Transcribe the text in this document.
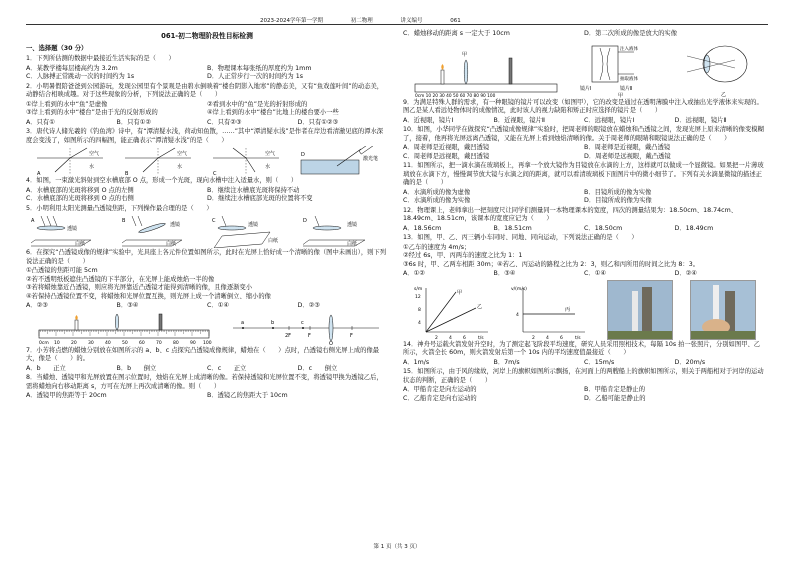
2023-2024学年第一学期	初二物理	讲义编号	061
061-初二物理阶段性目标检测
一、选择题（30 分）
1．下列所估测的数据中最接近生活实际的是（　　）
A．某教学楼每层楼高约为 3.2m	B．物理课本每张纸的厚度约为 1mm
C．人脉搏正常跳动一次的时间约为 1s	D．人正常步行一次的时间约为 1s
2．小明暑假陪爸爸到公园游玩，发现公园里有个景观是由碧水倒映着“楼台阴影入地寒”的静态美，又有“鱼戏莲叶间”的动态美，动静结合相映成趣。对于这些现象的分析，下列说法正确的是（　　）
①岸上看到的水中“鱼”是虚像	②看到水中的“鱼”是光的折射形成的
③岸上看到的水中“楼台”是由于光的反射形成的	④岸上看到的水中“楼台”比地上的楼台要小一些
A．只有①	B．只有①②	C．只有②③	D．只有①②③
3．唐代诗人储光羲的《钓鱼湾》诗中，有“潭清疑水浅，荷动知鱼散，……”其中“潭清疑水浅”是作者在岸边看清澈见底的潭水深度会变浅了，如图所示的四幅图，能正确表示“潭清疑水浅”的是（　　）
空气
水
A
空气
水
B
空气
水
C
激光笔
D
4．如图，一束激光斜射到空水槽底部 O 点，形成一个光斑，现向水槽中注入适量水，则（　　）
A．水槽底部的光斑将移到 O 点的左侧	B．继续注水槽底光斑将保持不动
C．水槽底部的光斑将移到 O 点的右侧	D．继续注水槽底部光斑的位置将不变
5．小明利用太阳光测量凸透镜焦距，下列操作最合理的是（　　）
透镜
白纸
A
透镜
白纸
B
透镜
白纸
C
透镜
白纸
D
6．在探究“凸透镜成像的规律”实验中，光具座上各元件位置如图所示，此时在光屏上恰好成一个清晰的像（图中未画出），则下列说法正确的是（　　）
①凸透镜的焦距可能 5cm
②若不透明纸板遮住凸透镜的下半部分，在光屏上能成烛焰一半的像
③若将蜡烛靠近凸透镜，则应将光屏靠近凸透镜才能得到清晰的像，且像逐渐变小
④若保持凸透镜位置不变，将蜡烛和光屏位置互换，则光屏上成一个清晰倒立、缩小的像
A．②③	B．③④	C．①④	D．②③
0cm 10	20	30	40	50	60	70	80	90 100
a	b
2F
c
F
O
F
7．小芳将点燃的蜡烛分别放在如图所示的 a、b、c 点探究凸透镜成像规律，蜡烛在（　　）点时，凸透镜右侧光屏上成的像最大，像是（　　）的。
A．b　　正立	B．b　　倒立	C．c　　正立	D．c　　倒立
8．当蜡烛、透镜甲和光屏放置在图示位置时，烛焰在光屏上成清晰的像。若保持透镜和光屏位置不变，将透镜甲换为透镜乙后，需将蜡烛向右移动距离 s，方可在光屏上再次成清晰的像。则（　　）
A．透镜甲的焦距等于 20cm	B．透镜乙的焦距大于 10cm
C．蜡烛移动的距离 s 一定大于 10cm	D．第二次所成的像是放大的实像
甲
0cm 10 20 30 40 50 60 70 80 90 100
注入液体
抽取液体
镜片Ⅰ	镜片Ⅱ
甲	乙
9．为满足特殊人群的需求，有一种眼镜的镜片可以改变（如图甲），它的改变是通过在透明薄膜中注入或抽出光学液体来实现的。图乙是某人看远处物体时的成像情况，此时该人的视力缺陷和矫正时应选择的镜片是（　　）
A．近视眼，镜片Ⅰ	B．近视眼，镜片Ⅱ	C．远视眼，镜片Ⅰ	D．远视眼，镜片Ⅱ
10．如图，小华同学在做探究“凸透镜成像规律”实验时，把周老师的眼镜放在蜡烛和凸透镜之间，发现光屏上原来清晰的像变模糊了，接着，他再将光屏远离凸透镜，又能在光屏上看到烛焰清晰的像。关于周老师的眼睛和眼镜说法正确的是（　　）
A．周老师是近视眼，戴凹透镜	B．周老师是近视眼，戴凸透镜
C．周老师是远视眼，戴凹透镜	D．周老师是远视眼，戴凸透镜
11．如图所示，把一滴水滴在玻璃板上，再拿一个放大镜作为目镜放在水滴的上方，这样就可以做成一个显微镜。如果把一片薄玻璃放在水滴下方，慢慢调节放大镜与水滴之间的距离，就可以看清玻璃板下面图片中的微小细节了。下列有关水滴显微镜的描述正确的是（　　）
A．水滴所成的像为虚像	B．目镜所成的像为实像
C．水滴所成的像为实像	D．目镜所成的像为实像
12．物理课上，老师拿出一把刻度尺让同学们测量同一本物理课本的宽度，四次的测量结果为：18.50cm、18.74cm、18.49cm、18.51cm，该课本的宽度应记为（　　）
A．18.56cm	B．18.51cm	C．18.50cm	D．18.49cm
13．如图，甲、乙、丙三辆小车同时、同地、同向运动，下列说法正确的是（　　）
①乙车的速度为 4m/s；
②经过 6s，甲、丙两车的速度之比为 1：1
③6s 时，甲、乙两车相距 30m；④若乙、丙运动的路程之比为 2：3，则乙和丙所用的时间之比为 8：3。
A．①②	B．③④	C．①④	D．②④
s/m
t/s
12
8
4
2 4 6
甲
乙
v/(m/s)
t/s
4
2 4 6
丙
14．神舟号运载火箭发射升空时，为了测定起飞阶段平均速度，研究人员采用照相技术，每隔 10s 拍一张照片，分别如图甲、乙所示，火箭全长 60m，则火箭发射后第一个 10s 内的平均速度值最接近（　　）
A．1m/s	B．7m/s	C．15m/s	D．20m/s
15．如图所示，由于风的缘故，河岸上的旗帜如图所示飘扬，在河面上的两艘船上的旗帜如图所示，则关于两船相对于河岸的运动状态的判断，正确的是（　　）
A．甲船肯定是向左运动的	B．甲船肯定是静止的
C．乙船肯定是向右运动的	D．乙船可能是静止的
第 1 页（共 3 页）
